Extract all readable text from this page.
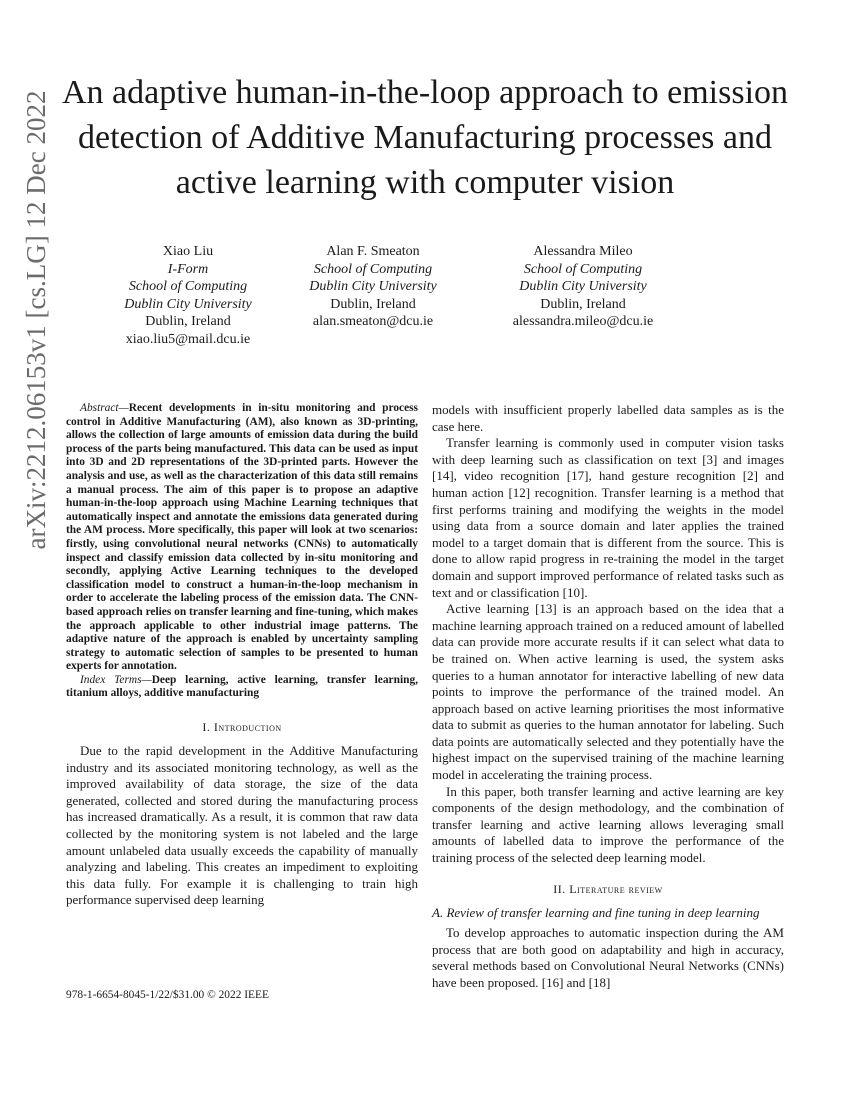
An adaptive human-in-the-loop approach to emission detection of Additive Manufacturing processes and active learning with computer vision
Xiao Liu
I-Form
School of Computing
Dublin City University
Dublin, Ireland
xiao.liu5@mail.dcu.ie
Alan F. Smeaton
School of Computing
Dublin City University
Dublin, Ireland
alan.smeaton@dcu.ie
Alessandra Mileo
School of Computing
Dublin City University
Dublin, Ireland
alessandra.mileo@dcu.ie
arXiv:2212.06153v1 [cs.LG] 12 Dec 2022	Abstract—Recent developments in in-situ monitoring and process control in Additive Manufacturing (AM), also known as 3D-printing, allows the collection of large amounts of emission data during the build process of the parts being manufactured. This data can be used as input into 3D and 2D representations of the 3D-printed parts. However the analysis and use, as well as the characterization of this data still remains a manual process. The aim of this paper is to propose an adaptive human-in-the-loop approach using Machine Learning techniques that automatically inspect and annotate the emissions data generated during the AM process. More specifically, this paper will look at two scenarios: firstly, using convolutional neural networks (CNNs) to automatically inspect and classify emission data collected by in-situ monitoring and secondly, applying Active Learning techniques to the developed classification model to construct a human-in-the-loop mechanism in order to accelerate the labeling process of the emission data. The CNN-based approach relies on transfer learning and fine-tuning, which makes the approach applicable to other industrial image patterns. The adaptive nature of the approach is enabled by uncertainty sampling strategy to automatic selection of samples to be presented to human experts for annotation.

Index Terms—Deep learning, active learning, transfer learning, titanium alloys, additive manufacturing

I. Introduction

Due to the rapid development in the Additive Manufacturing industry and its associated monitoring technology, as well as the improved availability of data storage, the size of the data generated, collected and stored during the manufacturing process has increased dramatically. As a result, it is common that raw data collected by the monitoring system is not labeled and the large amount unlabeled data usually exceeds the capability of manually analyzing and labeling. This creates an impediment to exploiting this data fully. For example it is challenging to train high performance supervised deep learning

978-1-6654-8045-1/22/$31.00 © 2022 IEEE

models with insufficient properly labelled data samples as is the case here.

Transfer learning is commonly used in computer vision tasks with deep learning such as classification on text [3] and images [14], video recognition [17], hand gesture recognition [2] and human action [12] recognition. Transfer learning is a method that first performs training and modifying the weights in the model using data from a source domain and later applies the trained model to a target domain that is different from the source. This is done to allow rapid progress in re-training the model in the target domain and support improved performance of related tasks such as text and or classification [10].

Active learning [13] is an approach based on the idea that a machine learning approach trained on a reduced amount of labelled data can provide more accurate results if it can select what data to be trained on. When active learning is used, the system asks queries to a human annotator for interactive labelling of new data points to improve the performance of the trained model. An approach based on active learning prioritises the most informative data to submit as queries to the human annotator for labeling. Such data points are automatically selected and they potentially have the highest impact on the supervised training of the machine learning model in accelerating the training process.

In this paper, both transfer learning and active learning are key components of the design methodology, and the combination of transfer learning and active learning allows leveraging small amounts of labelled data to improve the performance of the training process of the selected deep learning model.

II. Literature review
A. Review of transfer learning and fine tuning in deep learning

To develop approaches to automatic inspection during the AM process that are both good on adaptability and high in accuracy, several methods based on Convolutional Neural Networks (CNNs) have been proposed. [16] and [18]
